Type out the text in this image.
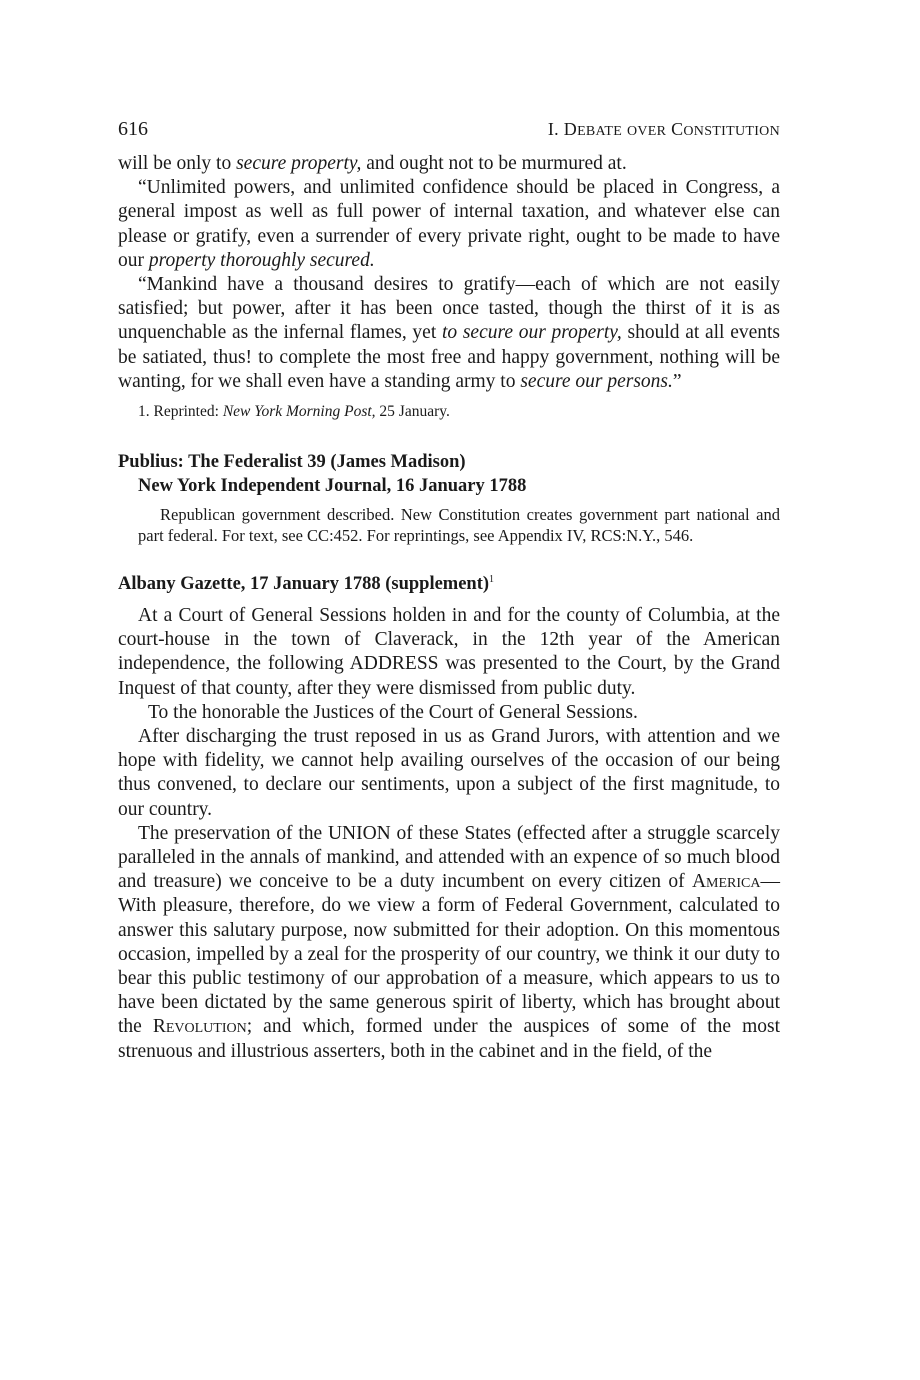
616	I. DEBATE OVER CONSTITUTION

will be only to secure property, and ought not to be murmured at.

“Unlimited powers, and unlimited confidence should be placed in Congress, a general impost as well as full power of internal taxation, and whatever else can please or gratify, even a surrender of every private right, ought to be made to have our property thoroughly secured.

“Mankind have a thousand desires to gratify—each of which are not easily satisfied; but power, after it has been once tasted, though the thirst of it is as unquenchable as the infernal flames, yet to secure our property, should at all events be satiated, thus! to complete the most free and happy government, nothing will be wanting, for we shall even have a standing army to secure our persons.”

1. Reprinted: New York Morning Post, 25 January.

Publius: The Federalist 39 (James Madison)

New York Independent Journal, 16 January 1788

Republican government described. New Constitution creates government part national and part federal. For text, see CC:452. For reprintings, see Appendix IV, RCS:N.Y., 546.

Albany Gazette, 17 January 1788 (supplement)$^1$

At a Court of General Sessions holden in and for the county of Columbia, at the court-house in the town of Claverack, in the 12th year of the American independence, the following ADDRESS was presented to the Court, by the Grand Inquest of that county, after they were dismissed from public duty.

To the honorable the Justices of the Court of General Sessions.

After discharging the trust reposed in us as Grand Jurors, with attention and we hope with fidelity, we cannot help availing ourselves of the occasion of our being thus convened, to declare our sentiments, upon a subject of the first magnitude, to our country.

The preservation of the UNION of these States (effected after a struggle scarcely paralleled in the annals of mankind, and attended with an expence of so much blood and treasure) we conceive to be a duty incumbent on every citizen of America—With pleasure, therefore, do we view a form of Federal Government, calculated to answer this salutary purpose, now submitted for their adoption. On this momentous occasion, impelled by a zeal for the prosperity of our country, we think it our duty to bear this public testimony of our approbation of a measure, which appears to us to have been dictated by the same generous spirit of liberty, which has brought about the Revolution; and which, formed under the auspices of some of the most strenuous and illustrious asserters, both in the cabinet and in the field, of the
